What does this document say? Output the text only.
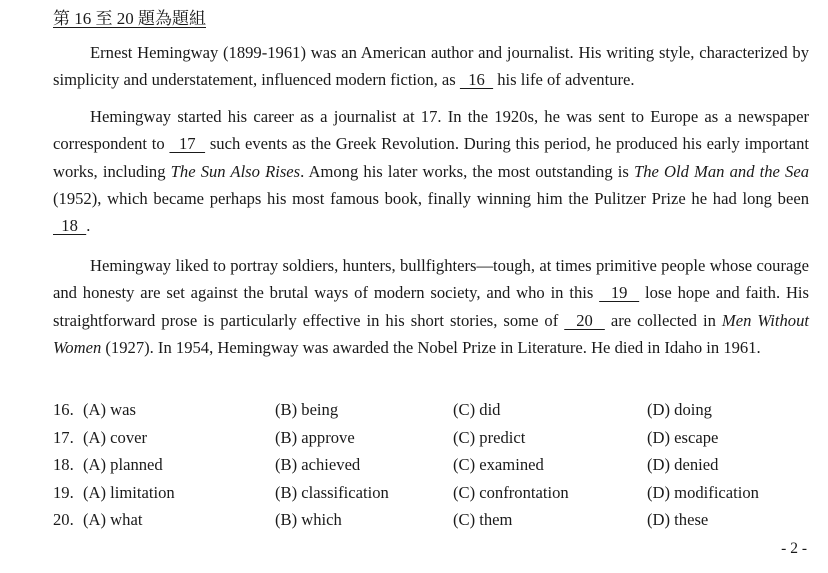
第 16 至 20 題為題組

Ernest Hemingway (1899-1961) was an American author and journalist. His writing style, characterized by simplicity and understatement, influenced modern fiction, as   16   his life of adventure.

Hemingway started his career as a journalist at 17. In the 1920s, he was sent to Europe as a newspaper correspondent to   17   such events as the Greek Revolution. During this period, he produced his early important works, including The Sun Also Rises. Among his later works, the most outstanding is The Old Man and the Sea (1952), which became perhaps his most famous book, finally winning him the Pulitzer Prize he had long been   18  .

Hemingway liked to portray soldiers, hunters, bullfighters—tough, at times primitive people whose courage and honesty are set against the brutal ways of modern society, and who in this   19   lose hope and faith. His straightforward prose is particularly effective in his short stories, some of   20   are collected in Men Without Women (1927). In 1954, Hemingway was awarded the Nobel Prize in Literature. He died in Idaho in 1961.

16. (A) was	(B) being	(C) did	(D) doing
17. (A) cover	(B) approve	(C) predict	(D) escape
18. (A) planned	(B) achieved	(C) examined	(D) denied
19. (A) limitation	(B) classification	(C) confrontation	(D) modification
20. (A) what	(B) which	(C) them	(D) these
- 2 -
